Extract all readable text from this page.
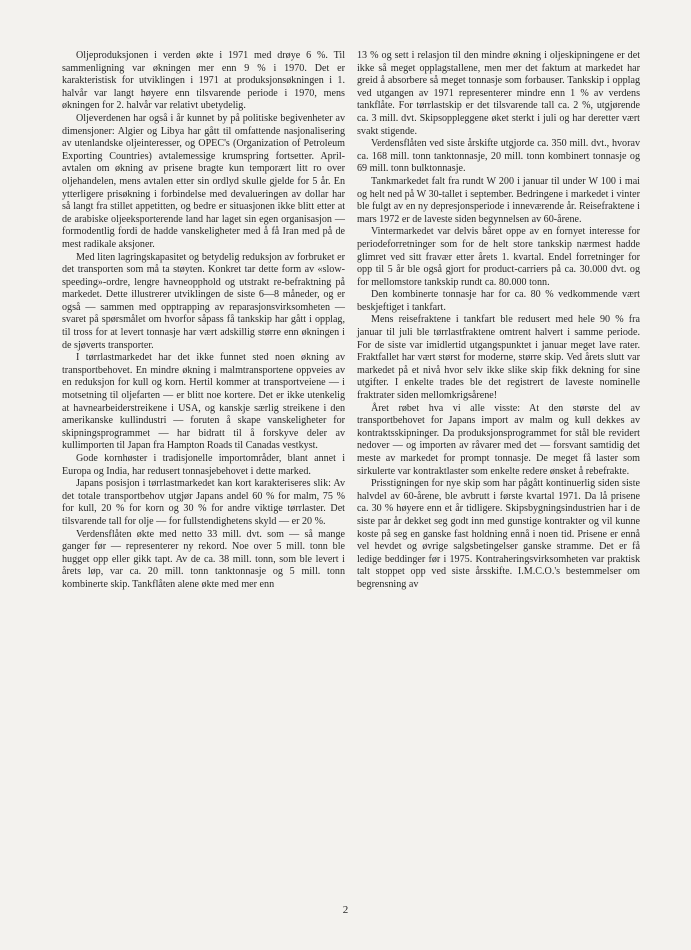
Oljeproduksjonen i verden økte i 1971 med drøye 6 %. Til sammenligning var økningen mer enn 9 % i 1970. Det er karakteristisk for utviklingen i 1971 at produksjonsøkningen i 1. halvår var langt høyere enn tilsvarende periode i 1970, mens økningen for 2. halvår var relativt ubetydelig.

Oljeverdenen har også i år kunnet by på politiske begivenheter av dimensjoner: Algier og Libya har gått til omfattende nasjonalisering av utenlandske oljeinteresser, og OPEC's (Organization of Petroleum Exporting Countries) avtalemessige krumspring fortsetter. April-avtalen om økning av prisene bragte kun temporært litt ro over oljehandelen, mens avtalen etter sin ordlyd skulle gjelde for 5 år. En ytterligere prisøkning i forbindelse med devalueringen av dollar har så langt fra stillet appetitten, og bedre er situasjonen ikke blitt etter at de arabiske oljeeksporterende land har laget sin egen organisasjon — formodentlig fordi de hadde vanskeligheter med å få Iran med på de mest radikale aksjoner.

Med liten lagringskapasitet og betydelig reduksjon av forbruket er det transporten som må ta støyten. Konkret tar dette form av «slow-speeding»-ordre, lengre havneopphold og utstrakt re-befraktning på markedet. Dette illustrerer utviklingen de siste 6—8 måneder, og er også — sammen med opptrapping av reparasjonsvirksomheten — svaret på spørsmålet om hvorfor såpass få tankskip har gått i opplag, til tross for at levert tonnasje har vært adskillig større enn økningen i de sjøverts transporter.

I tørrlastmarkedet har det ikke funnet sted noen økning av transportbehovet. En mindre økning i malmtransportene oppveies av en reduksjon for kull og korn. Hertil kommer at transportveiene — i motsetning til oljefarten — er blitt noe kortere. Det er ikke utenkelig at havnearbeiderstreikene i USA, og kanskje særlig streikene i den amerikanske kullindustri — foruten å skape vanskeligheter for skipningsprogrammet — har bidratt til å forskyve deler av kullimporten til Japan fra Hampton Roads til Canadas vestkyst.

Gode kornhøster i tradisjonelle importområder, blant annet i Europa og India, har redusert tonnasjebehovet i dette marked.

Japans posisjon i tørrlastmarkedet kan kort karakteriseres slik: Av det totale transportbehov utgjør Japans andel 60 % for malm, 75 % for kull, 20 % for korn og 30 % for andre viktige tørrlaster. Det tilsvarende tall for olje — for fullstendighetens skyld — er 20 %.

Verdensflåten økte med netto 33 mill. dvt. som — så mange ganger før — representerer ny rekord. Noe over 5 mill. tonn ble hugget opp eller gikk tapt. Av de ca. 38 mill. tonn, som ble levert i årets løp, var ca. 20 mill. tonn tanktonnasje og 5 mill. tonn kombinerte skip. Tankflåten alene økte med mer enn

13 % og sett i relasjon til den mindre økning i oljeskipningene er det ikke så meget opplagstallene, men mer det faktum at markedet har greid å absorbere så meget tonnasje som forbauser. Tankskip i opplag ved utgangen av 1971 representerer mindre enn 1 % av verdens tankflåte. For tørrlastskip er det tilsvarende tall ca. 2 %, utgjørende ca. 3 mill. dvt. Skipsoppleggene øket sterkt i juli og har deretter vært svakt stigende.

Verdensflåten ved siste årskifte utgjorde ca. 350 mill. dvt., hvorav ca. 168 mill. tonn tanktonnasje, 20 mill. tonn kombinert tonnasje og 69 mill. tonn bulktonnasje.

Tankmarkedet falt fra rundt W 200 i januar til under W 100 i mai og helt ned på W 30-tallet i september. Bedringene i markedet i vinter ble fulgt av en ny depresjonsperiode i inneværende år. Reisefraktene i mars 1972 er de laveste siden begynnelsen av 60-årene.

Vintermarkedet var delvis båret oppe av en fornyet interesse for periodeforretninger som for de helt store tankskip nærmest hadde glimret ved sitt fravær etter årets 1. kvartal. Endel forretninger for opp til 5 år ble også gjort for product-carriers på ca. 30.000 dvt. og for mellomstore tankskip rundt ca. 80.000 tonn.

Den kombinerte tonnasje har for ca. 80 % vedkommende vært beskjeftiget i tankfart.

Mens reisefraktene i tankfart ble redusert med hele 90 % fra januar til juli ble tørrlastfraktene omtrent halvert i samme periode. For de siste var imidlertid utgangspunktet i januar meget lave rater. Fraktfallet har vært størst for moderne, større skip. Ved årets slutt var markedet på et nivå hvor selv ikke slike skip fikk dekning for sine utgifter. I enkelte trades ble det registrert de laveste nominelle fraktrater siden mellomkrigsårene!

Året røbet hva vi alle visste: At den største del av transportbehovet for Japans import av malm og kull dekkes av kontraktsskipninger. Da produksjonsprogrammet for stål ble revidert nedover — og importen av råvarer med det — forsvant samtidig det meste av markedet for prompt tonnasje. De meget få laster som sirkulerte var kontraktlaster som enkelte redere ønsket å rebefrakte.

Prisstigningen for nye skip som har pågått kontinuerlig siden siste halvdel av 60-årene, ble avbrutt i første kvartal 1971. Da lå prisene ca. 30 % høyere enn et år tidligere. Skipsbygningsindustrien har i de siste par år dekket seg godt inn med gunstige kontrakter og vil kunne koste på seg en ganske fast holdning ennå i noen tid. Prisene er ennå vel hevdet og øvrige salgsbetingelser ganske stramme. Det er få ledige beddinger før i 1975. Kontraheringsvirksomheten var praktisk talt stoppet opp ved siste årsskifte. I.M.C.O.'s bestemmelser om begrensning av

2
